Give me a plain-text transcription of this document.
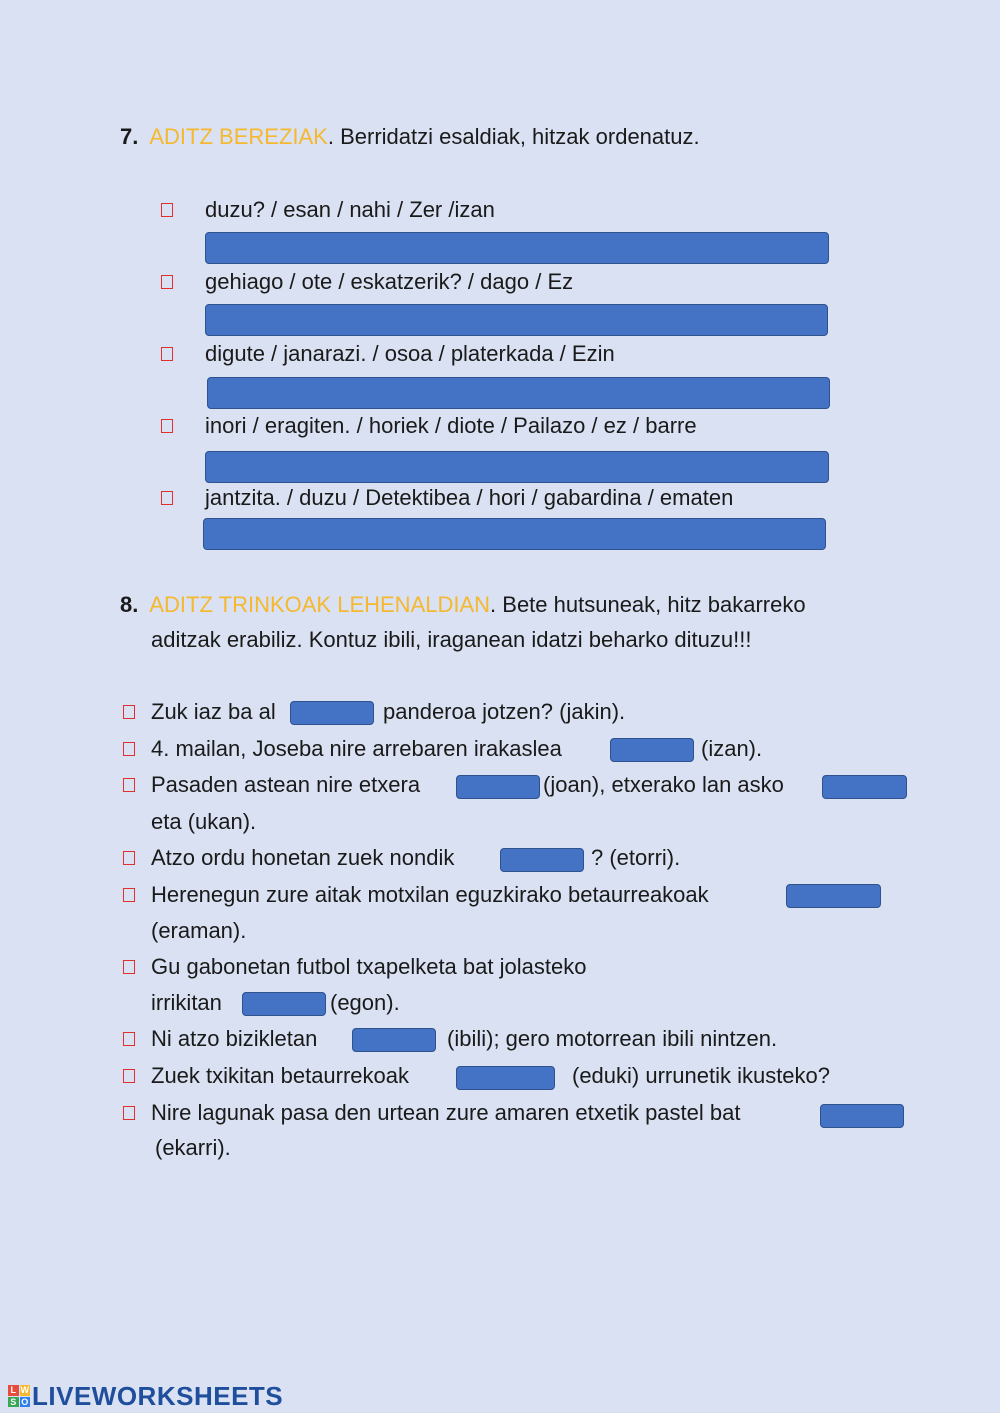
7. ADITZ BEREZIAK. Berridatzi esaldiak, hitzak ordenatuz.
duzu? / esan / nahi / Zer /izan
gehiago / ote / eskatzerik? / dago / Ez
digute / janarazi. / osoa / platerkada / Ezin
inori / eragiten. / horiek / diote / Pailazo / ez / barre
jantzita. / duzu / Detektibea / hori / gabardina / ematen
8. ADITZ TRINKOAK LEHENALDIAN. Bete hutsuneak, hitz bakarreko
aditzak erabiliz. Kontuz ibili, iraganean idatzi beharko dituzu!!!
Zuk iaz ba al	panderoa jotzen? (jakin).
4. mailan, Joseba nire arrebaren irakaslea	(izan).
Pasaden astean nire etxera	(joan), etxerako lan asko
eta (ukan).
Atzo ordu honetan zuek nondik	? (etorri).
Herenegun zure aitak motxilan eguzkirako betaurreakoak
(eraman).
Gu gabonetan futbol txapelketa bat jolasteko
irrikitan	(egon).
Ni atzo bizikletan	(ibili); gero motorrean ibili nintzen.
Zuek txikitan betaurrekoak	(eduki) urrunetik ikusteko?
Nire lagunak pasa den urtean zure amaren etxetik pastel bat
(ekarri).
L W
S O LIVEWORKSHEETS
